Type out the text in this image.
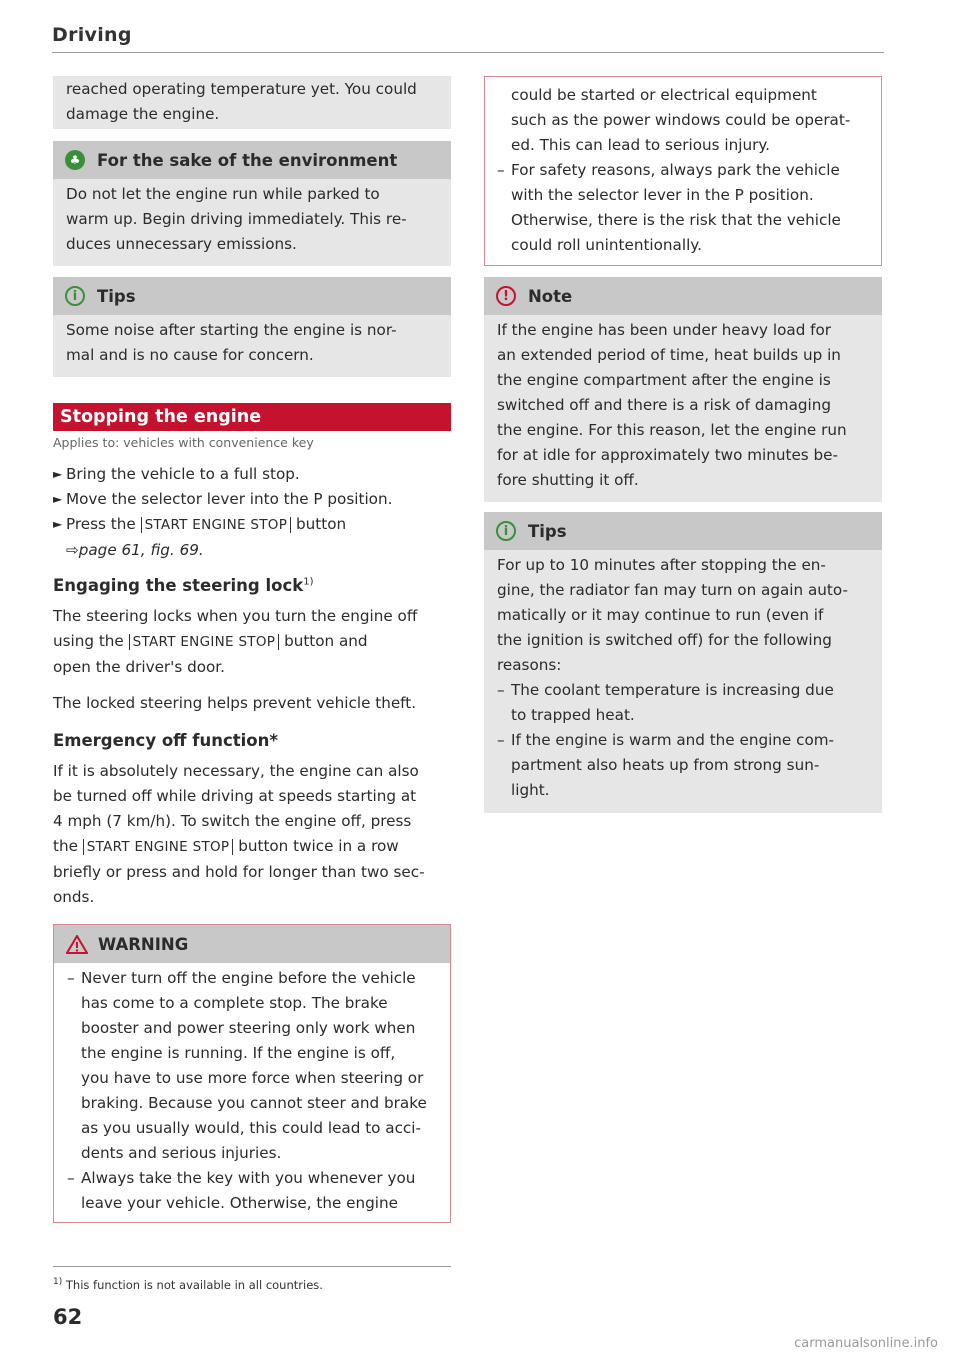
Driving

reached operating temperature yet. You could

damage the engine.

♣ For the sake of the environment

Do not let the engine run while parked to

warm up. Begin driving immediately. This re-

duces unnecessary emissions.

i	Tips

Some noise after starting the engine is nor-

mal and is no cause for concern.

Stopping the engine

Applies to: vehicles with convenience key

► Bring the vehicle to a full stop.
► Move the selector lever into the P position.
► Press the START ENGINE STOP button

⇨page 61, fig. 69.

Engaging the steering lock$^{1)}$

The steering locks when you turn the engine off

using the START ENGINE STOP button and

open the driver's door.

The locked steering helps prevent vehicle theft.

Emergency off function*

If it is absolutely necessary, the engine can also

be turned off while driving at speeds starting at

4 mph (7 km/h). To switch the engine off, press

the START ENGINE STOP button twice in a row

briefly or press and hold for longer than two sec-

onds.

WARNING
– Never turn off the engine before the vehicle

has come to a complete stop. The brake

booster and power steering only work when

the engine is running. If the engine is off,

you have to use more force when steering or

braking. Because you cannot steer and brake

as you usually would, this could lead to acci-

dents and serious injuries.

– Always take the key with you whenever you

leave your vehicle. Otherwise, the engine

$^{1)}$ This function is not available in all countries.
62

could be started or electrical equipment

such as the power windows could be operat-

ed. This can lead to serious injury.

– For safety reasons, always park the vehicle

with the selector lever in the P position.

Otherwise, there is the risk that the vehicle

could roll unintentionally.

!	Note

If the engine has been under heavy load for

an extended period of time, heat builds up in

the engine compartment after the engine is

switched off and there is a risk of damaging

the engine. For this reason, let the engine run

for at idle for approximately two minutes be-

fore shutting it off.

i	Tips

For up to 10 minutes after stopping the en-

gine, the radiator fan may turn on again auto-

matically or it may continue to run (even if

the ignition is switched off) for the following

reasons:

– The coolant temperature is increasing due

to trapped heat.

– If the engine is warm and the engine com-

partment also heats up from strong sun-

light.

carmanualsonline.info
